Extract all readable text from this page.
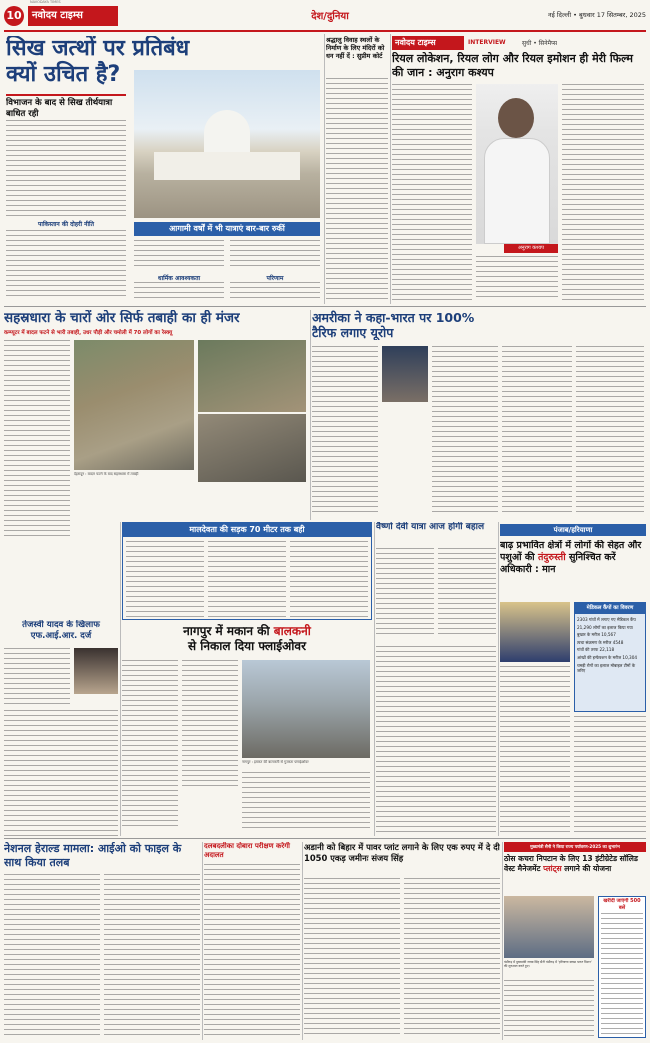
10	नवोदय टाइम्स
NAVODAYA TIMES
देश/दुनिया	नई दिल्ली • बुधवार 17 सितम्बर, 2025
सिख जत्थों पर प्रतिबंध क्यों उचित है?
विभाजन के बाद से सिख तीर्थयात्रा बाधित रही
आगामी वर्षों में भी यात्राएं बार-बार रुकीं
पाकिस्तान की दोहरी नीति
धार्मिक आवश्यकता	परिणाम
श्रद्धालु विवाह स्थलों के निर्माण के लिए मंदिरों को धन नहीं दें : सुप्रीम कोर्ट
नवोदय टाइम्स	INTERVIEW	सुधी • सिनेमैप्स
रियल लोकेशन, रियल लोग और रियल इमोशन ही मेरी फिल्म की जान : अनुराग कश्यप
अनुराग कश्यप
सहस्रधारा के चारों ओर सिर्फ तबाही का ही मंजर
कम्प्यूटर में बादल फटने से भारी तबाही, उधर पौड़ी और चमोली में 70 लोगों का रेस्क्यू
देहरादून : बादल फटने के बाद सहस्रधारा में तबाही
अमरीका ने कहा-भारत पर 100% टैरिफ लगाए यूरोप
मालदेवता की सड़क 70 मीटर तक बही	वैष्णो देवी यात्रा आज होगी बहाल
तेजस्वी यादव के खिलाफ एफ.आई.आर. दर्ज	नागपुर में मकान की बालकनी
से निकाल दिया फ्लाईओवर
नागपुर : इमारत की बालकनी से गुजरता फ्लाईओवर
पंजाब/हरियाणा
बाढ़ प्रभावित क्षेत्रों में लोगों की सेहत और पशुओं की तंदुरुस्ती सुनिश्चित करें अधिकारी : मान
मेडिकल कैंपों का विवरण
2303 गांवों में लगाए गए मेडिकल कैंप
21,290 लोगों का इलाज किया गया
बुखार के मरीज 10,567
त्वचा संक्रमण के मरीज 4548
गांवों की तरफ 22,118
आंखों की इन्फेक्शन के मरीज 10,304
चमड़ी रोगों का इलाज मोबाइल टीमों के जरिए
नेशनल हेराल्ड मामला: आईओ को फाइल के साथ किया तलब
दलबदलीका दोबारा परीक्षण करेगी अदालत
अडानी को बिहार में पावर प्लांट लगाने के लिए एक रुपए में दे दी 1050 एकड़ जमीनः संजय सिंह
मुख्यमंत्री सैनी ने किया राज्य पर्यावरण-2025 का शुभारंभ
ठोस कचरा निपटान के लिए 13 इंटीग्रेटेड सॉलिड वेस्ट मैनेजमेंट प्लांट्स लगाने की योजना
चंडीगढ़ में मुख्यमंत्री नायब सिंह सैनी चंडीगढ़ में 'हरियाणा स्वच्छ भारत मिशन' की शुरुआत करते हुए।
खरीदी जाएंगी 500 बसें
